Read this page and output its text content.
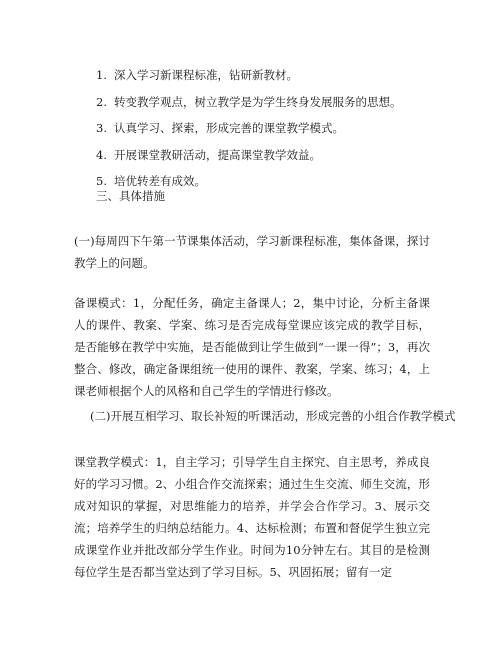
1. 深入学习新课程标准，钻研新教材。
2. 转变教学观点，树立教学是为学生终身发展服务的思想。
3. 认真学习、探索，形成完善的课堂教学模式。
4. 开展课堂教研活动，提高课堂教学效益。
5. 培优转差有成效。

三、具体措施

(一)每周四下午第一节课集体活动，学习新课程标准，集体备课，探讨教学上的问题。

备课模式：1，分配任务，确定主备课人；2，集中讨论，分析主备课人的课件、教案、学案、练习是否完成每堂课应该完成的教学目标，是否能够在教学中实施，是否能做到让学生做到“一课一得”；3，再次整合、修改，确定备课组统一使用的课件、教案，学案、练习；4，上课老师根据个人的风格和自己学生的学情进行修改。

(二)开展互相学习、取长补短的听课活动，形成完善的小组合作教学模式

课堂教学模式：1，自主学习；引导学生自主探究、自主思考，养成良好的学习习惯。2、小组合作交流探索；通过生生交流、师生交流，形成对知识的掌握，对思维能力的培养，并学会合作学习。3、展示交流；培养学生的归纳总结能力。4、达标检测；布置和督促学生独立完成课堂作业并批改部分学生作业。时间为10分钟左右。其目的是检测每位学生是否都当堂达到了学习目标。5、巩固拓展；留有一定
